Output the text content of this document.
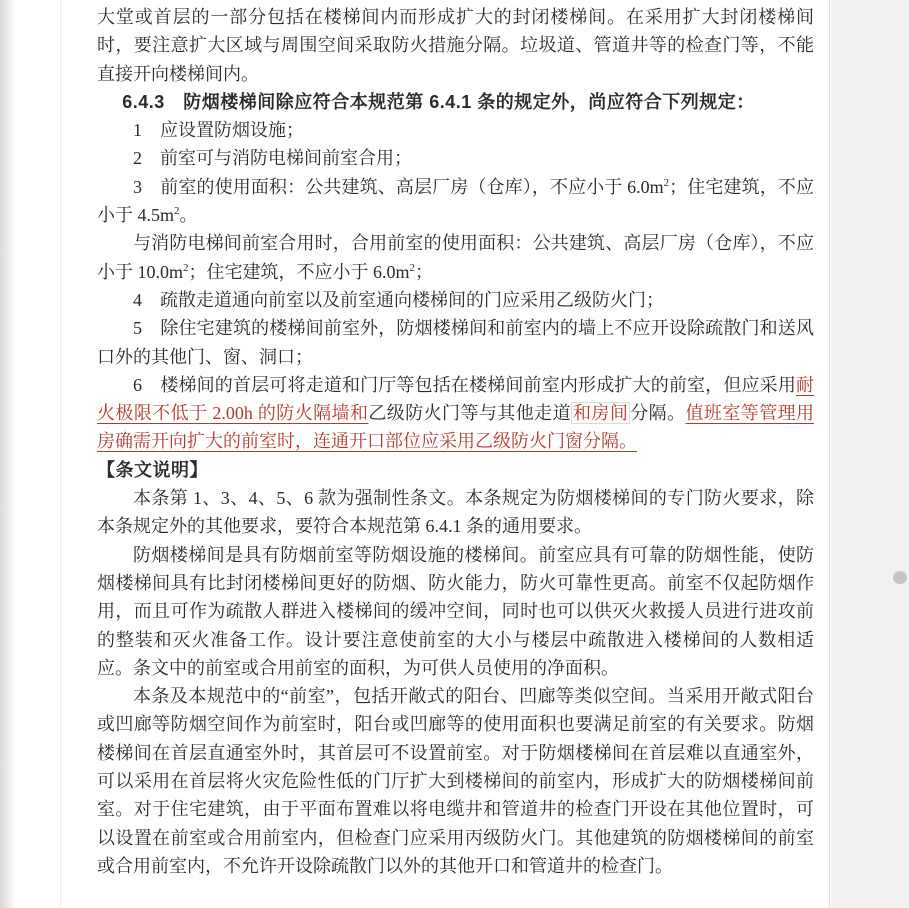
大堂或首层的一部分包括在楼梯间内而形成扩大的封闭楼梯间。在采用扩大封闭楼梯间时，要注意扩大区域与周围空间采取防火措施分隔。垃圾道、管道井等的检查门等，不能直接开向楼梯间内。

6.4.3　防烟楼梯间除应符合本规范第 6.4.1 条的规定外，尚应符合下列规定：

1　应设置防烟设施；

2　前室可与消防电梯间前室合用；

3　前室的使用面积：公共建筑、高层厂房（仓库），不应小于 $6.0m^2$；住宅建筑，不应小于 $4.5m^2$。

与消防电梯间前室合用时，合用前室的使用面积：公共建筑、高层厂房（仓库），不应小于 $10.0m^2$；住宅建筑，不应小于 $6.0m^2$；

4　疏散走道通向前室以及前室通向楼梯间的门应采用乙级防火门；

5　除住宅建筑的楼梯间前室外，防烟楼梯间和前室内的墙上不应开设除疏散门和送风口外的其他门、窗、洞口；

6　楼梯间的首层可将走道和门厅等包括在楼梯间前室内形成扩大的前室，但应采用耐火极限不低于 2.00h 的防火隔墙和乙级防火门等与其他走道 和房间 分隔。值班室等管理用房确需开向扩大的前室时，连通开口部位应采用乙级防火门窗分隔。

【条文说明】

本条第 1、3、4、5、6 款为强制性条文。本条规定为防烟楼梯间的专门防火要求，除本条规定外的其他要求，要符合本规范第 6.4.1 条的通用要求。

防烟楼梯间是具有防烟前室等防烟设施的楼梯间。前室应具有可靠的防烟性能，使防烟楼梯间具有比封闭楼梯间更好的防烟、防火能力，防火可靠性更高。前室不仅起防烟作用，而且可作为疏散人群进入楼梯间的缓冲空间，同时也可以供灭火救援人员进行进攻前的整装和灭火准备工作。设计要注意使前室的大小与楼层中疏散进入楼梯间的人数相适应。条文中的前室或合用前室的面积，为可供人员使用的净面积。

本条及本规范中的“前室”，包括开敞式的阳台、凹廊等类似空间。当采用开敞式阳台或凹廊等防烟空间作为前室时，阳台或凹廊等的使用面积也要满足前室的有关要求。防烟楼梯间在首层直通室外时，其首层可不设置前室。对于防烟楼梯间在首层难以直通室外，可以采用在首层将火灾危险性低的门厅扩大到楼梯间的前室内，形成扩大的防烟楼梯间前室。对于住宅建筑，由于平面布置难以将电缆井和管道井的检查门开设在其他位置时，可以设置在前室或合用前室内，但检查门应采用丙级防火门。其他建筑的防烟楼梯间的前室或合用前室内，不允许开设除疏散门以外的其他开口和管道井的检查门。
